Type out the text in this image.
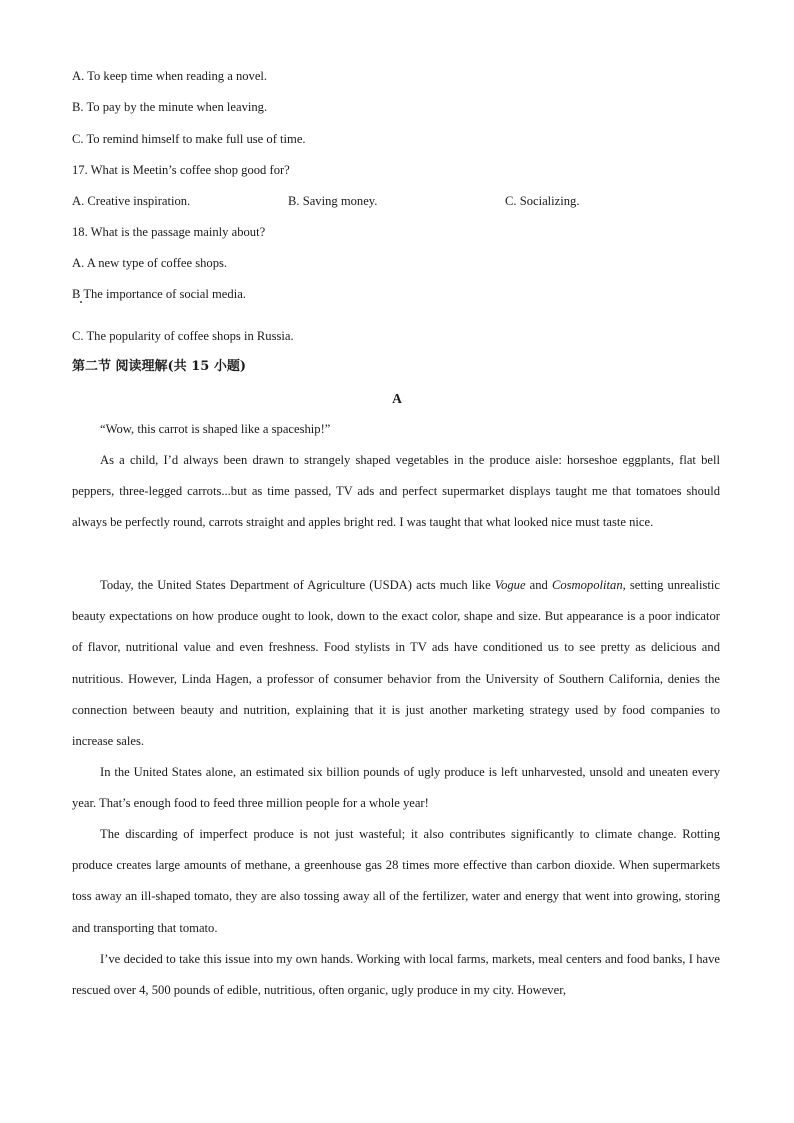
A. To keep time when reading a novel.
B. To pay by the minute when leaving.
C. To remind himself to make full use of time.
17. What is Meetin’s coffee shop good for?
A. Creative inspiration.	B. Saving money.	C. Socializing.
18. What is the passage mainly about?
A. A new type of coffee shops.
B The importance of social media.
C. The popularity of coffee shops in Russia.
第二节 阅读理解(共 15 小题)
A
“Wow, this carrot is shaped like a spaceship!”
As a child, I’d always been drawn to strangely shaped vegetables in the produce aisle: horseshoe eggplants, flat bell peppers, three-legged carrots...but as time passed, TV ads and perfect supermarket displays taught me that tomatoes should always be perfectly round, carrots straight and apples bright red. I was taught that what looked nice must taste nice.
Today, the United States Department of Agriculture (USDA) acts much like Vogue and Cosmopolitan, setting unrealistic beauty expectations on how produce ought to look, down to the exact color, shape and size. But appearance is a poor indicator of flavor, nutritional value and even freshness. Food stylists in TV ads have conditioned us to see pretty as delicious and nutritious. However, Linda Hagen, a professor of consumer behavior from the University of Southern California, denies the connection between beauty and nutrition, explaining that it is just another marketing strategy used by food companies to increase sales.
In the United States alone, an estimated six billion pounds of ugly produce is left unharvested, unsold and uneaten every year. That’s enough food to feed three million people for a whole year!
The discarding of imperfect produce is not just wasteful; it also contributes significantly to climate change. Rotting produce creates large amounts of methane, a greenhouse gas 28 times more effective than carbon dioxide. When supermarkets toss away an ill-shaped tomato, they are also tossing away all of the fertilizer, water and energy that went into growing, storing and transporting that tomato.
I’ve decided to take this issue into my own hands. Working with local farms, markets, meal centers and food banks, I have rescued over 4, 500 pounds of edible, nutritious, often organic, ugly produce in my city. However,
